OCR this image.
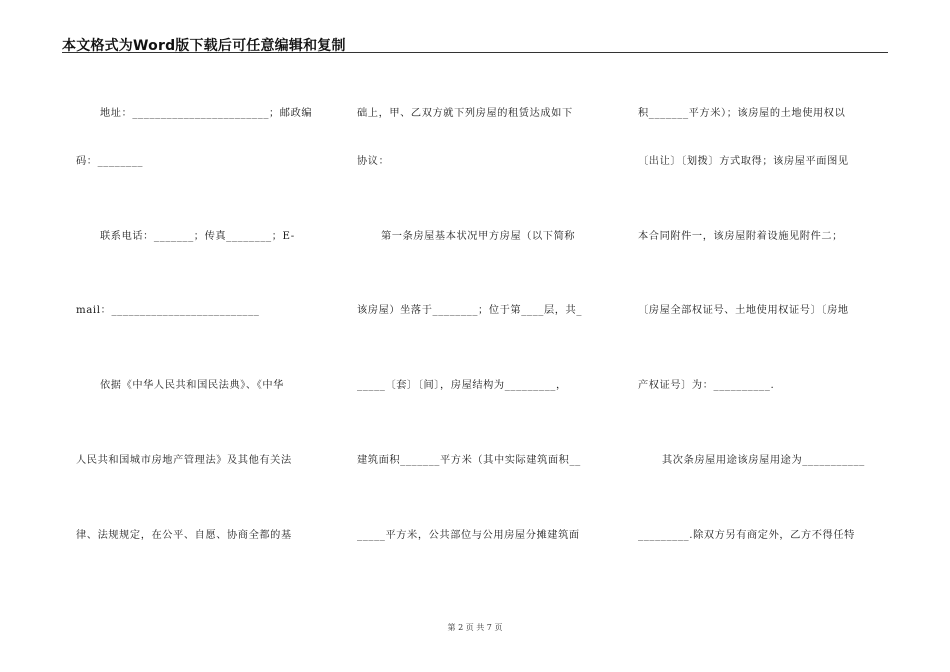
本文格式为Word版下载后可任意编辑和复制
地址：________________________；邮政编
码：________
联系电话：_______；传真________；E-
mail：__________________________
依据《中华人民共和国民法典》、《中华
人民共和国城市房地产管理法》及其他有关法
律、法规规定，在公平、自愿、协商全都的基
础上，甲、乙双方就下列房屋的租赁达成如下
协议：
第一条房屋基本状况甲方房屋（以下简称
该房屋）坐落于________；位于第____层，共_
_____〔套〕〔间〕，房屋结构为_________，
建筑面积_______平方米（其中实际建筑面积__
_____平方米，公共部位与公用房屋分摊建筑面
积_______平方米）；该房屋的土地使用权以
〔出让〕〔划拨〕方式取得；该房屋平面图见
本合同附件一，该房屋附着设施见附件二；
〔房屋全部权证号、土地使用权证号〕〔房地
产权证号〕为：__________.
其次条房屋用途该房屋用途为___________
_________.除双方另有商定外，乙方不得任特
第 2 页 共 7 页
